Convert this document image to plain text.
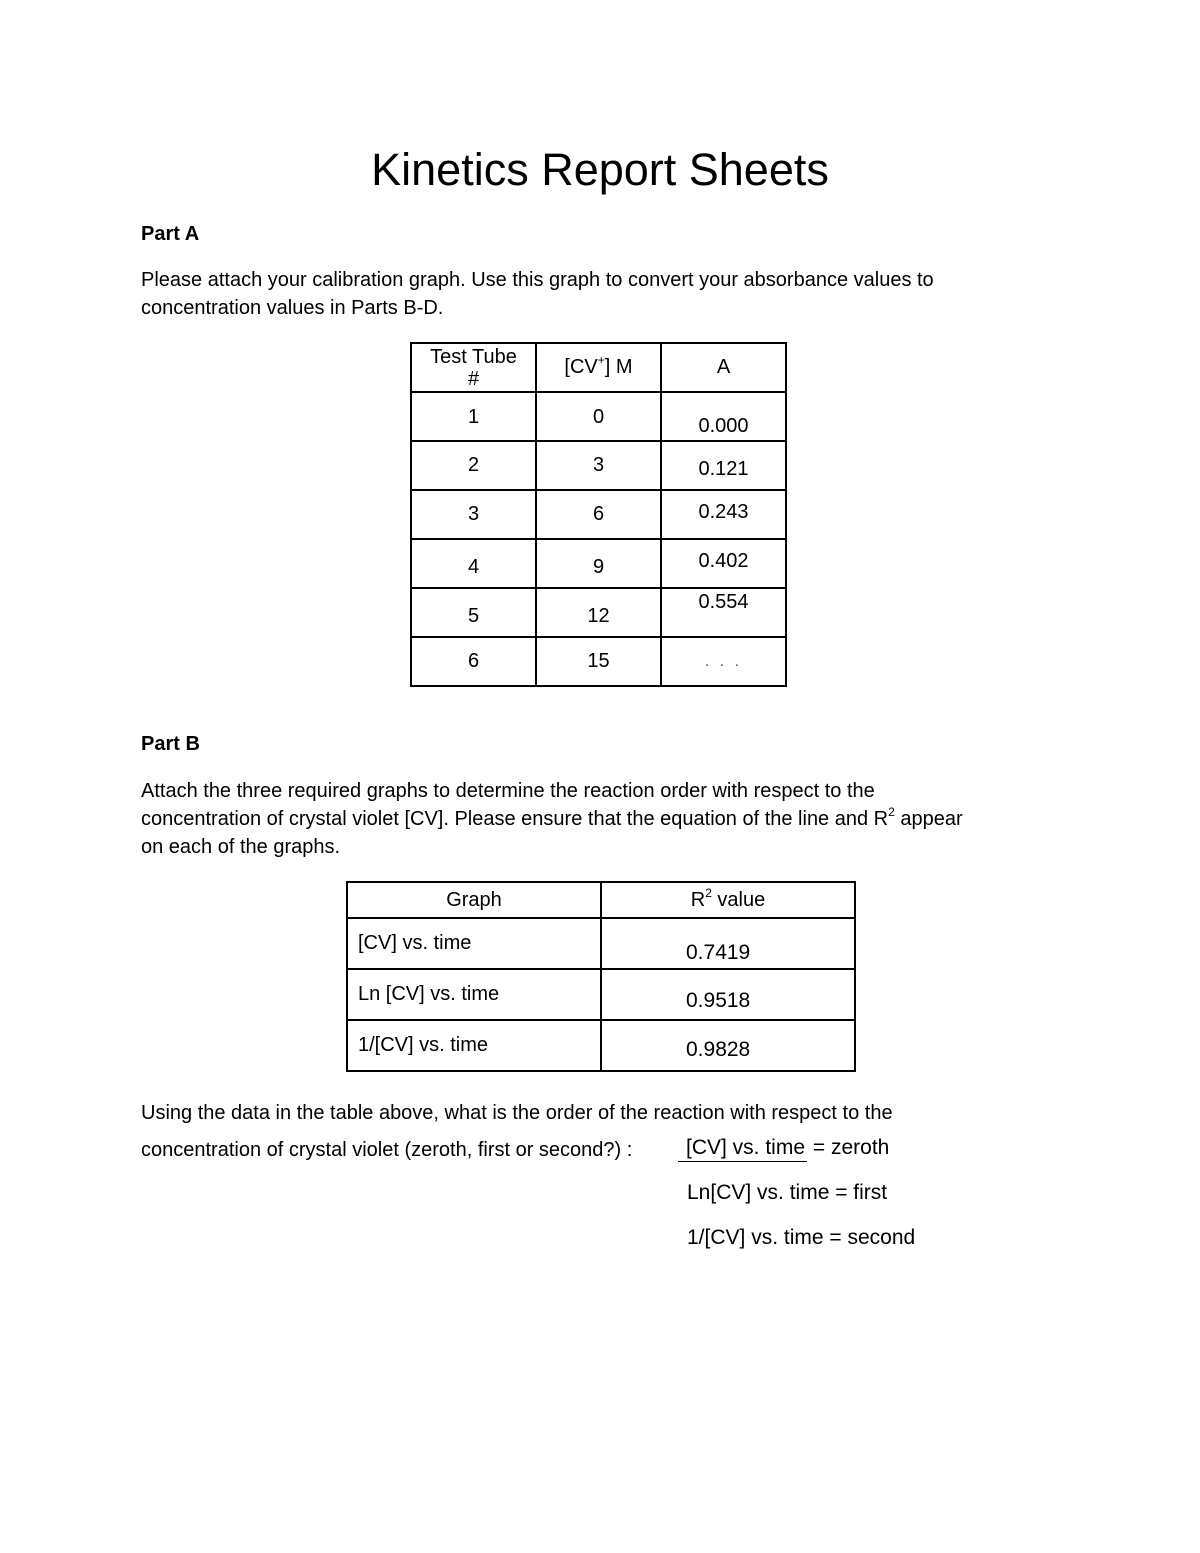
Kinetics Report Sheets
Part A

Please attach your calibration graph. Use this graph to convert your absorbance values to

concentration values in Parts B-D.

Test Tube
#	[CV+] M	A
1	0	0.000
2	3	0.121
3	6	0.243
4	9	0.402
5	12	0.554
6	15	. . .
Part B

Attach the three required graphs to determine the reaction order with respect to the

concentration of crystal violet [CV]. Please ensure that the equation of the line and $R^2$ appear

on each of the graphs.

Graph	$R^2$ value
[CV] vs. time	0.7419
Ln [CV] vs. time	0.9518
1/[CV] vs. time	0.9828
Using the data in the table above, what is the order of the reaction with respect to the
concentration of crystal violet (zeroth, first or second?) :	[CV] vs. time = zeroth
Ln[CV] vs. time = first
1/[CV] vs. time = second
